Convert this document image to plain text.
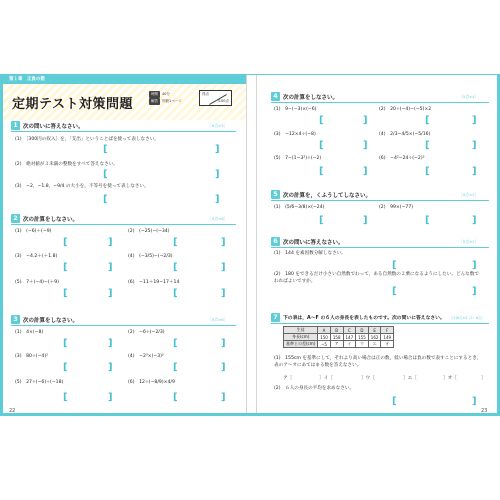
第１章　正負の数
定期テスト対策問題
時間 40分
解答 別冊1ページ
得点
/100点
1 次の問いに答えなさい。	［6点×3］
(1)　［300円の収入］を，「支出」ということばを使って表しなさい。
[	]
(2)　絶対値が３未満の整数をすべて答えなさい。
[	]
(3)　−2，−1.8，−9/4 の大小を，不等号を使って表しなさい。
[	]
2 次の計算をしなさい。	［5点×6］
(1)　(−6)＋(−9)	(2)　(−25)−(−34)
[	]	[	]
(3)　−4.2＋(＋1.8)	(4)　(−3/5)−(−2/3)
[	]	[	]
(5)　7＋(−4)−(＋9)	(6)　−11＋19−17＋14
[	]	[	]
3 次の計算をしなさい。	［5点×6］
(1)　4×(−8)	(2)　−6÷(−2/3)
[	]	[	]
(3)　80÷(−4)²	(4)　−2³×(−3)²
[	]	[	]
(5)　27÷(−6)÷(−18)	(6)　12÷(−8/9)×4/9
[	]	[	]
22
4 次の計算をしなさい。	［5点×4］
(1)　9−(−3)×(−6)	(2)　20÷(−4)−(−5)×2
[	]	[	]
(3)　−12×4÷(−8)	(4)　2/3−4/5×(−5/16)
[	]	[	]
(5)　7−(1−3²)÷(−2)	(6)　−4²−24÷(−2)³
[	]	[	]
5 次の計算を，くふうしてしなさい。	［5点×2］
(1)　(5/6−3/8)×(−24)	(2)　99×(−77)
[	]	[	]
6 次の問いに答えなさい。	［5点×2］
(1)　144 を素因数分解しなさい。
[	]
(2)　180 をできるだけ小さい自然数でわって，ある自然数の２乗になるようにしたい。どんな数でわればよいですか。
[	]
7	下の表は，A〜F の６人の身長を表したものです。次の問いに答えなさい。 ［(1)6点×5（2）6点］
生徒	A	B	C	D	E	F
身長(cm)	150	158	147	155	162	149
基準との差(cm)	−5	ア	イ	ウ	エ	オ
(1)　155cm を基準にして，それより高い場合は正の数，低い場合は負の数で表すことにするとき，表のア〜オにあてはまる数を答えなさい。
ア［	］イ［	］ウ［	］エ［	］オ［	］
(2)　６人の身長の平均を求めなさい。
[	]
23
